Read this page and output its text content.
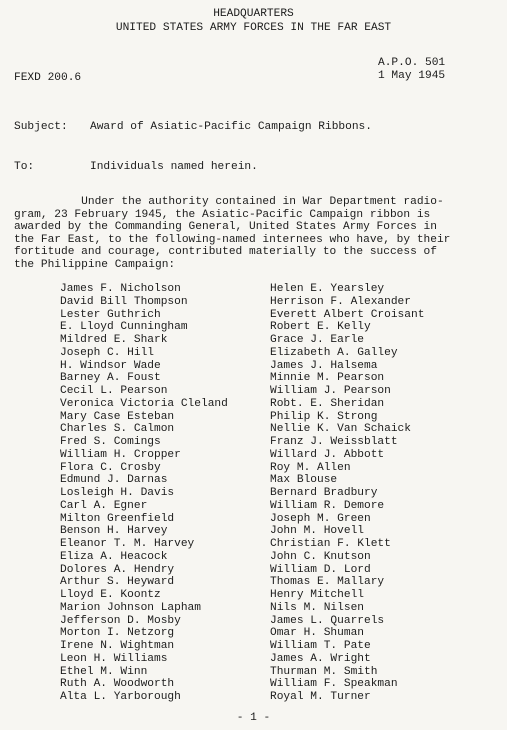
HEADQUARTERS
UNITED STATES ARMY FORCES IN THE FAR EAST
A.P.O. 501
1 May 1945
FEXD 200.6
Subject: Award of Asiatic-Pacific Campaign Ribbons.
To:	Individuals named herein.
Under the authority contained in War Department radio-
gram, 23 February 1945, the Asiatic-Pacific Campaign ribbon is
awarded by the Commanding General, United States Army Forces in
the Far East, to the following-named internees who have, by their
fortitude and courage, contributed materially to the success of
the Philippine Campaign:
James F. Nicholson
David Bill Thompson
Lester Guthrich
E. Lloyd Cunningham
Mildred E. Shark
Joseph C. Hill
H. Windsor Wade
Barney A. Foust
Cecil L. Pearson
Veronica Victoria Cleland
Mary Case Esteban
Charles S. Calmon
Fred S. Comings
William H. Cropper
Flora C. Crosby
Edmund J. Darnas
Losleigh H. Davis
Carl A. Egner
Milton Greenfield
Benson H. Harvey
Eleanor T. M. Harvey
Eliza A. Heacock
Dolores A. Hendry
Arthur S. Heyward
Lloyd E. Koontz
Marion Johnson Lapham
Jefferson D. Mosby
Morton I. Netzorg
Irene N. Wightman
Leon H. Williams
Ethel M. Winn
Ruth A. Woodworth
Alta L. Yarborough
Helen E. Yearsley
Herrison F. Alexander
Everett Albert Croisant
Robert E. Kelly
Grace J. Earle
Elizabeth A. Galley
James J. Halsema
Minnie M. Pearson
William J. Pearson
Robt. E. Sheridan
Philip K. Strong
Nellie K. Van Schaick
Franz J. Weissblatt
Willard J. Abbott
Roy M. Allen
Max Blouse
Bernard Bradbury
William R. Demore
Joseph M. Green
John M. Hovell
Christian F. Klett
John C. Knutson
William D. Lord
Thomas E. Mallary
Henry Mitchell
Nils M. Nilsen
James L. Quarrels
Omar H. Shuman
William T. Pate
James A. Wright
Thurman M. Smith
William F. Speakman
Royal M. Turner
- 1 -
